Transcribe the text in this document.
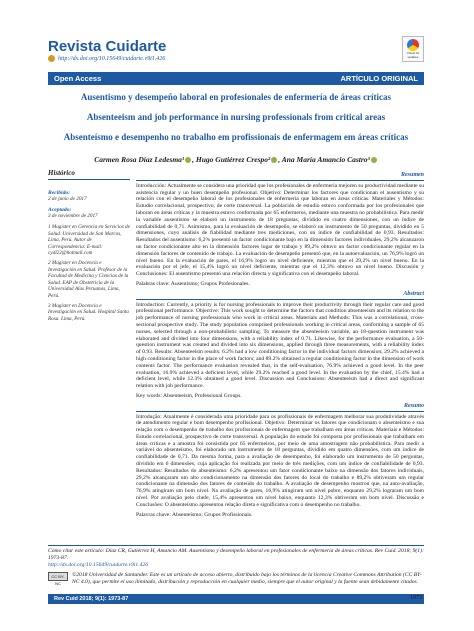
Revista Cuidarte
http://dx.doi.org/10.15649/cuidarte.v9i1.426
Check for updates
Open Access	ARTÍCULO ORIGINAL
Ausentismo y desempeño laboral en profesionales de enfermería de áreas críticas
Absenteeism and job performance in nursing professionals from critical areas
Absenteísmo e desempenho no trabalho em profissionais de enfermagem em áreas críticas
Carmen Rosa Díaz Ledesma¹ , Hugo Gutiérrez Crespo² , Ana María Amancio Castro³
Histórico
Recibido:
2 de junio de 2017
Aceptado:
3 de noviembre de 2017
1 Magíster en Gerencia en Servicios de Salud. Universidad de San Marcos, Lima, Perú. Autor de Correspondencia: E-mail: cydl22@hotmail.com
2 Magíster en Docencia e Investigación en Salud. Profesor de la Facultad de Medicina y Ciencias de la Salud. EAP de Obstetricia de la Universidad Alas Peruanas, Lima, Perú.
3 Magíster en Docencia e Investigación en Salud. Hospital Santa Rosa. Lima, Perú.
Resumen
Introducción: Actualmente se considera una prioridad que los profesionales de enfermería mejoren su productividad mediante su asistencia regular y un buen desempeño profesional. Objetivo: Determinar los factores que condicionan el ausentismo y su relación con el desempeño laboral de los profesionales de enfermería que laboran en áreas críticas. Materiales y Métodos: Estudio correlacional, prospectivo, de corte transversal. La población de estudio estuvo conformada por los profesionales que laboran en áreas críticas y la muestra estuvo conformada por 65 enfermeros, mediante una muestra no probabilística. Para medir la variable ausentismo se elaboró un instrumento de 18 preguntas, dividido en cuatro dimensiones, con un índice de confiabilidad de 0,71. Asimismo, para la evaluación de desempeño, se elaboró un instrumento de 50 preguntas, dividido en 5 dimensiones, cuyo análisis de fiabilidad mediante tres mediciones, con un índice de confiabilidad de 0,93. Resultados: Resultados del ausentismo: 6,2% presentó un factor condicionante bajo en la dimensión factores individuales, 29,2% alcanzaron un factor condicionante alto en la dimensión factores lugar de trabajo y 89,2% obtuvo un factor condicionante regular en la dimensión factores de contenido de trabajo. La evaluación de desempeño presentó que, en la autoevaluación, un 76,9% logró un nivel bueno. En la evaluación de pares, el 16,9% logro un nivel deficiente, mientras que el 29,2% un nivel bueno. En la evaluación por el jefe, el 15,4% logró un nivel deficiente, mientras que el 12,3% obtuvo un nivel bueno. Discusión y Conclusiones: El ausentismo presentó una relación directa y significativa con el desempeño laboral.
Palabras clave: Ausentismo; Grupos Profesionales.
Abstract
Introduction: Currently, a priority is for nursing professionals to improve their productivity through their regular care and good professional performance. Objective: This work sought to determine the factors that condition absenteeism and its relation to the job performance of nursing professionals who work in critical areas. Materials and Methods: This was a correlational, cross-sectional prospective study. The study population comprised professionals working in critical areas, conforming a sample of 65 nurses, selected through a non-probabilistic sampling. To measure the absenteeism variable, an 18-question instrument was elaborated and divided into four dimensions, with a reliability index of 0.71. Likewise, for the performance evaluation, a 50-question instrument was created and divided into six dimensions, applied through three measurements, with a reliability index of 0.93. Results: Absenteeism results: 6.2% had a low conditioning factor in the individual factors dimension; 29.2% achieved a high conditioning factor in the place of work factors; and 89.2% obtained a regular conditioning factor in the dimension of work contents factor. The performance evaluation revealed that, in the self-evaluation, 76.9% achieved a good level. In the peer evaluation, 16.9% achieved a deficient level, while 29.2% reached a good level. In the evaluation by the chief, 15.4% had a deficient level, while 12.3% obtained a good level. Discussion and Conclusions: Absenteeism had a direct and significant relation with job performance.
Key words: Absenteeism, Professional Groups.
Resumo
Introdução: Atualmente é considerada uma prioridade para os profissionais de enfermagem melhorar sua produtividade através de atendimento regular e bom desempenho profissional. Objetivo: Determinar os fatores que condicionam o absenteísmo e sua relação com o desempenho de trabalho dos profissionais de enfermagem que trabalham em áreas críticas. Materiais e Métodos: Estudo correlacional, prospectivo de corte transversal. A população do estudo foi composta por profissionais que trabalham em áreas críticas e a amostra foi consistida por 65 enfermeiros, por meio de uma amostragem não probabilística. Para medir a variável do absenteísmo, foi elaborado um instrumento de 18 perguntas, dividido em quatro dimensões, com um índice de confiabilidade de 0,71. Da mesma forma, para a avaliação de desempenho, foi elaborado um instrumento de 50 perguntas, dividido em 6 dimensões, cuja aplicação foi realizada por meio de três medições, com um índice de confiabilidade de 0,93. Resultados: Resultados do absenteísmo: 6,2% apresentou um fator condicionante baixo na dimensão dos fatores individuais, 29,2% alcançaram um alto condicionamento na dimensão dos fatores do local do trabalho e 89,2% obtiveram um regular condicionante na dimensão dos fatores de conteúdo do trabalho. A avaliação de desempenho mostrou que, na auto-avaliação, 76,9% atingiram um bom nível. Na avaliação de pares, 16,9% atingiram um nível pobre, enquanto 29,2% lograram um bom nível. Por avaliação pelo chefe, 15,4% apresentou um nível baixo, enquanto 12,3% obtiveram um bom nível. Discussão e Conclusões: O absenteísmo apresentou relação direta e significativa com o desempenho no trabalho.
Palavras chave: Absenteísmo; Grupos Profissionais.
Cómo citar este artículo: Díaz CR, Gutiérrez H, Amancio AM. Ausentismo y desempeño laboral en profesionales de enfermería de áreas críticas. Rev Cuid. 2018; 9(1): 1973-87.
http://dx.doi.org/10.15649/cuidarte.v9i1.426
CC BY-NC
©2018 Universidad de Santander. Este es un artículo de acceso abierto, distribuido bajo los términos de la licencia Creative Commons Attribution (CC BY-NC 4.0), que permite el uso ilimitado, distribución y reproducción en cualquier medio, siempre que el autor original y la fuente sean debidamente citados.
Rev Cuid 2018; 9(1): 1973-87	1973
